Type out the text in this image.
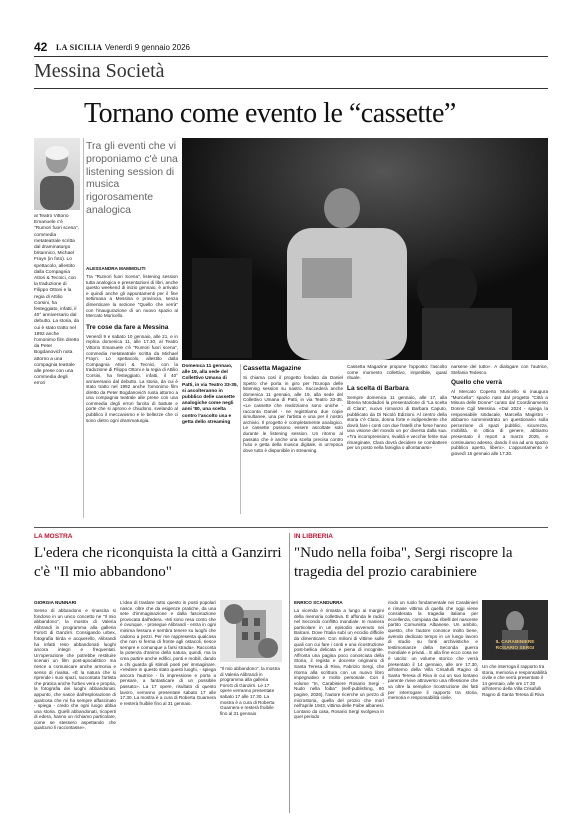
42 LA SICILIA Venerdì 9 gennaio 2026
Messina Società
Tornano come evento le “cassette”
al Teatro Vittorio Emanuele c'è "Rumori fuori scena", commedia metateatrale scritta dal drammaturgo britannico, Michael Frayn (in foto). Lo spettacolo, allestito dalla Compagnia Attori & Tecnici, con la traduzione di Filippo Ottoni e la regia di Attilio Corsini, ha festeggiato, infatti, il 40° anniversario dal debutto. La storia, da cui è stato tratto nel 1992 anche l'omonimo film diretto da Peter Bogdanovich nota attorno a una compagnia teatrale alle prese con una commedia degli errori
Tra gli eventi che vi proponiamo c'è una listening session di musica rigorosamente analogica
ALESSANDRA MAMMOLITI
Tra "Rumori fuori Scena", listening session tutta analogica e presentazioni di libri, anche questo weekend di inizio gennaio, è arrivato e quindi anche gli appuntamenti per il fine settimana a Messina e provincia, senza dimenticare la sezione "Quello che verrà" con l'inaugurazione di un nuovo spazio al Mercato Muricello.
Tre cose da fare a Messina
Venerdì 9 e sabato 10 gennaio, alle 21, e in replica domenica 11, alle 17.30, al Teatro Vittorio Emanuele c'è "Rumori fuori scena", commedia metateatrale scritta da Michael Frayn. Lo spettacolo, allestito dalla Compagnia Attori & Tecnici, con la traduzione di Filippo Ottoni e la regia di Attilio Corsini, ha festeggiato, infatti, il 40° anniversario dal debutto. La storia, da cui è stato tratto nel 1992 anche l'omonimo film diretto da Peter Bogdanovich ruota attorno a una compagnia teatrale alle prese con una commedia degli errori farcita di battute e porte che si aprono e chiudono, svelando al pubblico il meccanismo e le bellezze che ci sono dietro ogni drammaturgia.
Domenica 11 gennaio, alle 19, alla sede del Collettivo Umana di Patti, in via Teatro 33-35, si ascolteranno in pubblico delle cassette analogiche come negli anni '80, una scelta contro l'ascolto usa e getta dello streaming
Cassetta Magazine
Si chiama così il progetto fondato da Daniel Spetro che porta in giro per l'Europa delle listening session su nastro. Succederà anche domenica 11 gennaio, alle 19, alla sede del Collettivo Umana di Patti, in via Teatro 33-35. «Le cassette che realizziamo sono uniche - racconta Daniel - ne registriamo due copie simultanee, una per l'artista e una per il nostro archivio. Il progetto è completamente analogico. Le cassette possono essere ascoltate solo durante le listening session. Un ritorno al passato che è anche una scelta precisa contro l'uso e getta della musica digitale, in un'epoca dove tutto è disponibile in streaming.
Cassetta Magazine propone l'opposto: l'ascolto come momento collettivo, irripetibile, quasi rituale.
La scelta di Barbara
Sempre domenica 11 gennaio, alle 17, alla libreria Mondadori la presentazione di "La scelta di Clara", nuovo romanzo di Barbara Caputo, pubblicato da Di Nicolò Edizioni. Al centro della storia c'è Clara, donna forte e indipendente che dovrà fare i conti con due fratelli che forse hanno una visione del mondo un po' diversa dalla sua. «Tra incomprensioni, rivalità e vecchie ferite mai rimarginate, Clara dovrà decidere se combattere per un posto nella famiglia o allontanarsi»
narsene del tutto». A dialogare con l'autrice, Stefania Tedesco.
Quello che verrà
Al Mercato Coperto Muricello si inaugura "Muricella": spazio nato dal progetto "Città a Misura delle Donne" curato dal Coordinamento Donne Cgil Messina. «Dal 2024 - spiega la responsabile sindacale, Marcella Magistro - abbiamo somministrato un questionario sulla percezione di spazi pubblici, sicurezza, mobilità, in ottica di genere, abbiamo presentato il report a marzo 2025, e continuiamo adesso, dando il via ad uno spazio pubblico aperto, libero». L'appuntamento è giovedì 15 gennaio alle 17.30.
LA MOSTRA
L'edera che riconquista la città a Ganzirri c'è "Il mio abbandono"
GIORGIA NUNNARI
Senso di abbandono e rinascita si fondono in un unico concetto ne "Il mio abbandono", la mostra di Valeria Alibrandi in programma alla galleria ForoG di Ganzirri. Consigando urbex, fotografia birda e acquerello, Alibrandi ha infatti reso abbandonati luoghi ancora integri e frequentati. Un'operazione che potrebbe restituire scenari un film post-apocalittico ma riesce a comunicare anche armonia e senso di rivalsa. «È la natura che si riprende i suoi spazi, raccontata l'artista che pratica anche l'urbex vera e propria, la fotografia dei luoghi abbandonati, appunto, che nasce dall'esplorazione di qualcosa che mi ha sempre affascinato - spiega - credo che ogni luogo abbia una storia. Quelli abbandonati, ricoperti di edera, hanno un richiamo particolare, come se stessero aspettando che qualcuno li raccontasse».
L'idea di traslare tutto questo in posti popolari nasce, oltre che da esigenze pratiche, da una sete d'immaginazione e dalla fascinazione provocata dall'edera. «Mi sono resa conto che è ovunque, - prosegue Alibrandi - entra in ogni minima fessura e sembra tenere su luoghi che cadono a pezzi. Per me rappresenta qualcosa che non si ferma di fronte agli ostacoli, riesce sempre e comunque a farsi strada». Racconta la potenza d'animo della natura, quindi, ma la crea partire anche edifici, ponti e mobili, dando a chi guarda gli stimoli poeti per immaginare. «Vedere in questo stato questi luoghi, - spiega ancora l'autrice - fa impressione e porta a pensare, a fantasticare di un possibile passato». La 17 opere, risultato di questo lavoro, verranno presentate sabato 17 alle 17.30. La mostra è a cura di Roberta Guarnera e resterà fruibile fino al 31 gennaio.
"Il mio abbandono", la mostra di Valeria Alibrandi in programma alla galleria ForoG di Ganzirri. Le 17 opere verranno presentate sabato 17 alle 17.30. La mostra è a cura di Roberta Guarnera e resterà fruibile fino al 31 gennaio
IN LIBRERIA
"Nudo nella foiba", Sergi riscopre la tragedia del prozio carabiniere
ENRICO SCANDURRA
La vicenda è rimasta a lungo ai margini della memoria collettiva. È affonda le radici nel Secondo conflitto mondiale. In maniera particolare in un episodio avvenuto nei Balcani. Dove l'Italia subì un eccidio difficile da dimenticare. Con milioni di vittime sulle quali con cui fare i conti e una ricostruzione post-bellica delicata e piena di incognite. Affronta una pagina poco conosciuta della Storia, il regista e docente originario di Santa Teresa di Riva, Fabrizio Sergi, che ritorna alla scrittura con un nuovo libro impegnativo e molto personale. Con il volume "In, Carabiniere Rosario Sergi - Nudo nella foiba" (self-publishing, 60 pagine, 2026), l'autore ricerche un pezzo di microstoria, quella del prozio che morì nell'aprile 1943, vittima delle Foibe albanesi. Lontano da casa, Rosario Sergi svolgeva in quel periodo
riodo un ruolo fondamentale nei Carabinieri e rimase vittima di quella che oggi viene considerata la tragedia italiana per eccellenza, compiuta dai ribelli del nascente partito Comunista Albanese. Un ambito, questo, che l'autore conosce molto bene, avendo dedicato tempo in un lungo lavoro di studio su fonti archivistiche e testimonianze della Seconda guerra mondiale e privati... E alla fine ecco cosa ne è uscito: un volume storico che verrà presentato il 14 gennaio, alle ore 17.30, all'interno della Villa Crisafulli Ragno di Santa Teresa di Riva in cui un suo lontano parente rivive attraverso una riflessione che va oltre la semplice ricostruzione dei fatti per interrogare il rapporto tra storia, memoria e responsabilità civile.
IL CARABINIERE ROSARIO SERGI
Un che interroga il rapporto tra storia, memoria e responsabilità civile e che verrà presentato il 14 gennaio, alle ore 17.30 all'interno della Villa Crisafulli Ragno di Santa Teresa di Riva
